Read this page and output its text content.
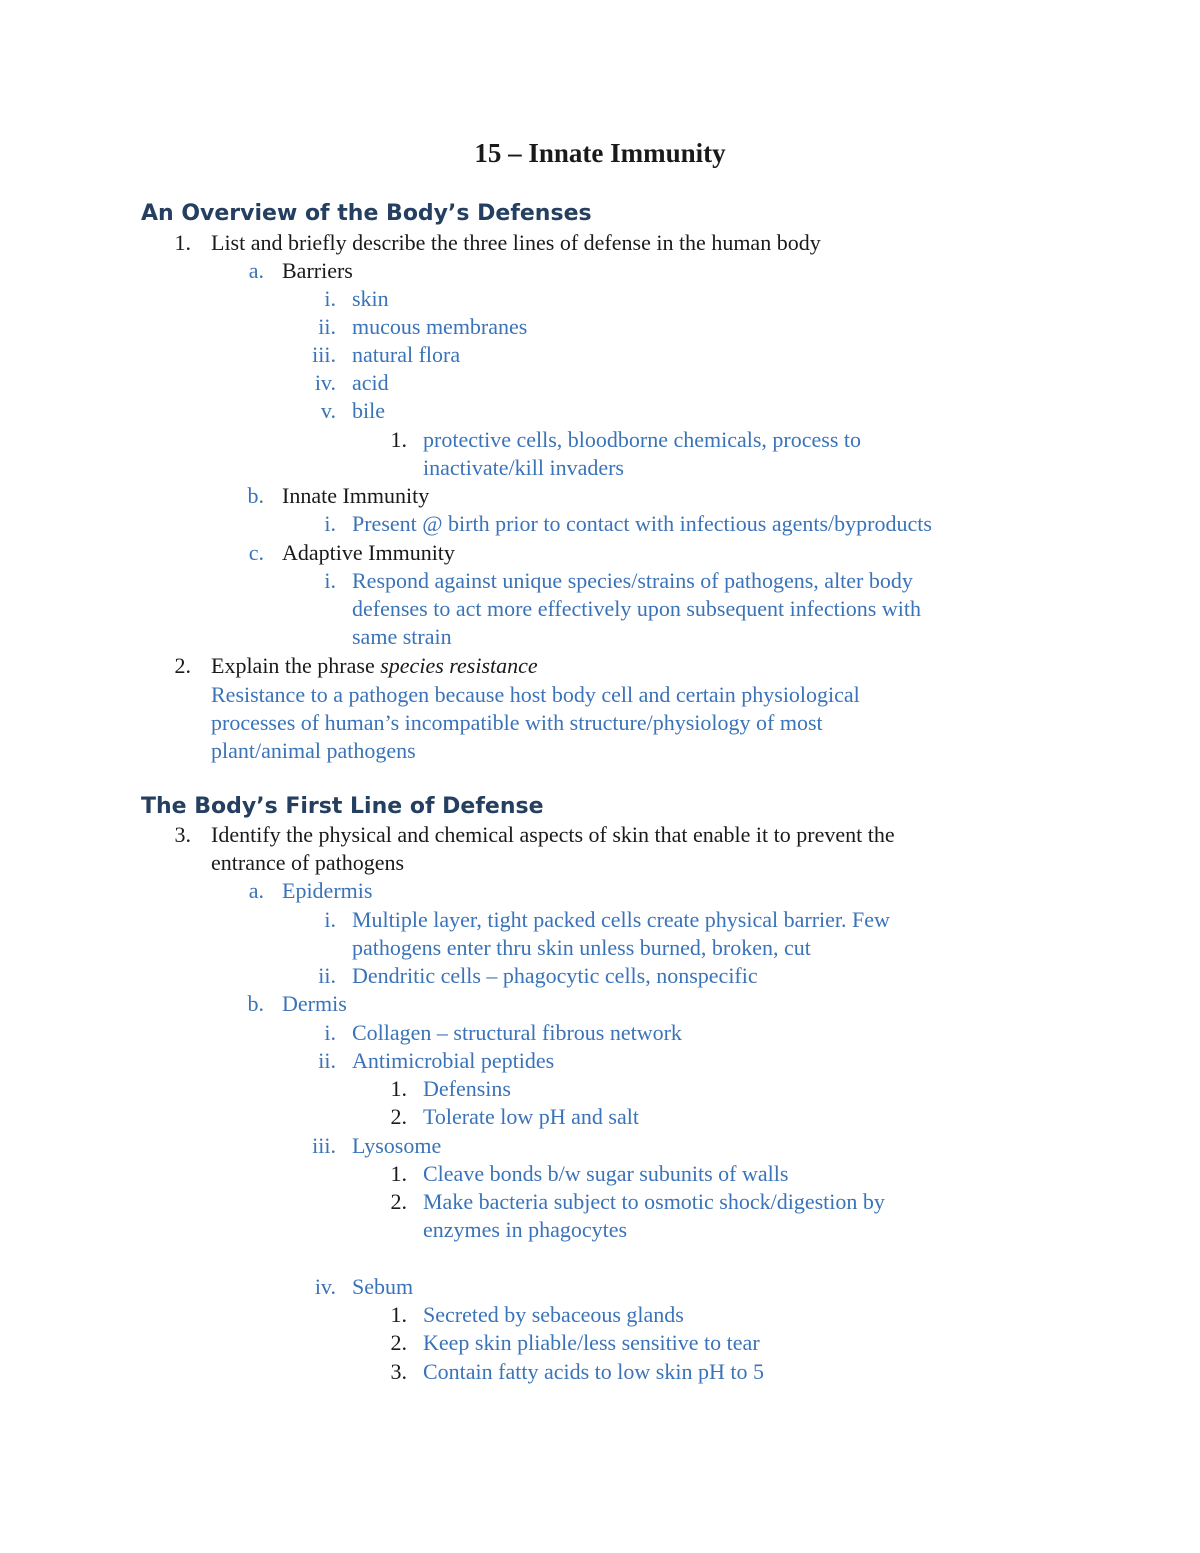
15 – Innate Immunity
An Overview of the Body’s Defenses
1. List and briefly describe the three lines of defense in the human body
a. Barriers
i. skin
ii. mucous membranes
iii. natural flora
iv. acid
v. bile
1. protective cells, bloodborne chemicals, process to
inactivate/kill invaders
b. Innate Immunity
i. Present @ birth prior to contact with infectious agents/byproducts
c. Adaptive Immunity
i. Respond against unique species/strains of pathogens, alter body
defenses to act more effectively upon subsequent infections with
same strain
2. Explain the phrase species resistance
Resistance to a pathogen because host body cell and certain physiological
processes of human’s incompatible with structure/physiology of most
plant/animal pathogens
The Body’s First Line of Defense
3. Identify the physical and chemical aspects of skin that enable it to prevent the
entrance of pathogens
a. Epidermis
i. Multiple layer, tight packed cells create physical barrier. Few
pathogens enter thru skin unless burned, broken, cut
ii. Dendritic cells – phagocytic cells, nonspecific
b. Dermis
i. Collagen – structural fibrous network
ii. Antimicrobial peptides
1. Defensins
2. Tolerate low pH and salt
iii. Lysosome
1. Cleave bonds b/w sugar subunits of walls
2. Make bacteria subject to osmotic shock/digestion by
enzymes in phagocytes
iv. Sebum
1. Secreted by sebaceous glands
2. Keep skin pliable/less sensitive to tear
3. Contain fatty acids to low skin pH to 5
